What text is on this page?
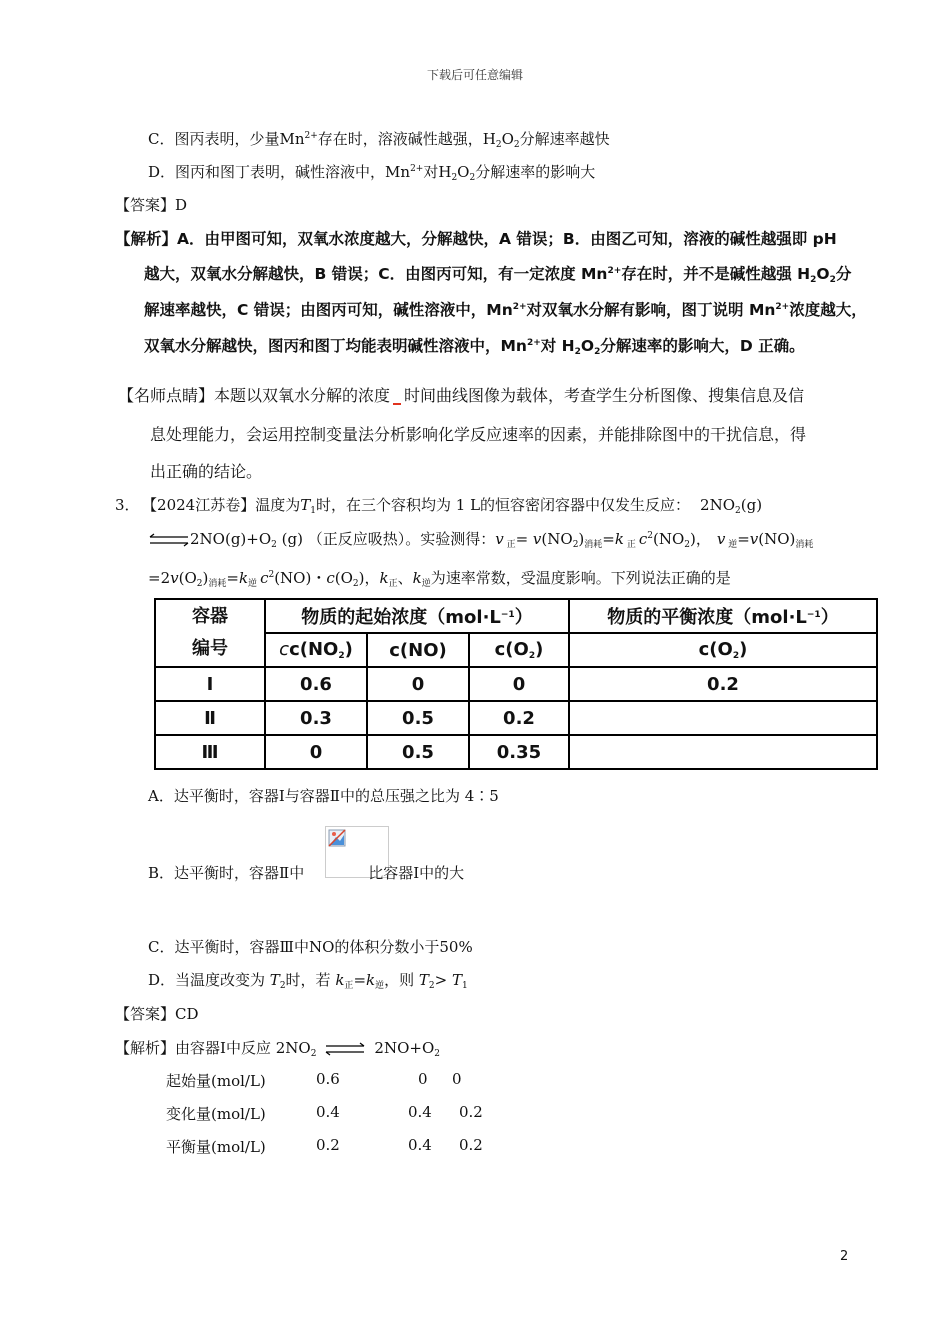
下载后可任意编辑
C．图丙表明，少量$Mn^{2+}$存在时，溶液碱性越强，$H_2O_2$分解速率越快
D．图丙和图丁表明，碱性溶液中，$Mn^{2+}$对$H_2O_2$分解速率的影响大
【答案】D
【解析】A．由甲图可知，双氧水浓度越大，分解越快，A 错误；B．由图乙可知，溶液的碱性越强即 pH
越大，双氧水分解越快，B 错误；C．由图丙可知，有一定浓度 $Mn^{2+}$存在时，并不是碱性越强 $H_2O_2$分
解速率越快，C 错误；由图丙可知，碱性溶液中，$Mn^{2+}$对双氧水分解有影响，图丁说明 $Mn^{2+}$浓度越大，
双氧水分解越快，图丙和图丁均能表明碱性溶液中，$Mn^{2+}$对 $H_2O_2$分解速率的影响大，D 正确。
【名师点睛】本题以双氧水分解的浓度 时间曲线图像为载体，考查学生分析图像、搜集信息及信
息处理能力，会运用控制变量法分析影响化学反应速率的因素，并能排除图中的干扰信息，得
出正确的结论。
3． 【2024江苏卷】温度为$T_1$时，在三个容积均为 1 L的恒容密闭容器中仅发生反应： $2NO_2(g)$
$\rightleftharpoons 2NO(g)+O_2$ (g) （正反应吸热）。实验测得：v $_正= v(NO_2)_{消耗}=k$ $_正$ $c^2(NO_2)$， v $_逆=v(NO)_{消耗}$
$=2v(O_2)_{消耗}=k_逆$ $c^2(NO)$・$c(O_2)$，$k_正$、$k_逆$为速率常数，受温度影响。下列说法正确的是
容器
编号	物质的起始浓度$(mol\cdot L^{-1})$			物质的平衡浓度$(mol\cdot L^{-1})$
	$cc(NO_2)$	c(NO)	$c(O_2)$	$c(O_2)$
Ⅰ	0.6	0	0	0.2
Ⅱ	0.3	0.5	0.2	
Ⅲ	0	0.5	0.35	
A．达平衡时，容器Ⅰ与容器Ⅱ中的总压强之比为 4∶5
B．达平衡时，容器Ⅱ中	比容器Ⅰ中的大
C．达平衡时，容器Ⅲ中NO的体积分数小于50%
D．当温度改变为 $T_2$时，若 $k_正=k_逆$，则 $T_2> T_1$
【答案】CD
【解析】由容器Ⅰ中反应 $2NO_2$ ⇌ $2NO+O_2$
起始量(mol/L)	0.6	0 0
变化量(mol/L)	0.4	0.4 0.2
平衡量(mol/L)	0.2	0.4 0.2
2
